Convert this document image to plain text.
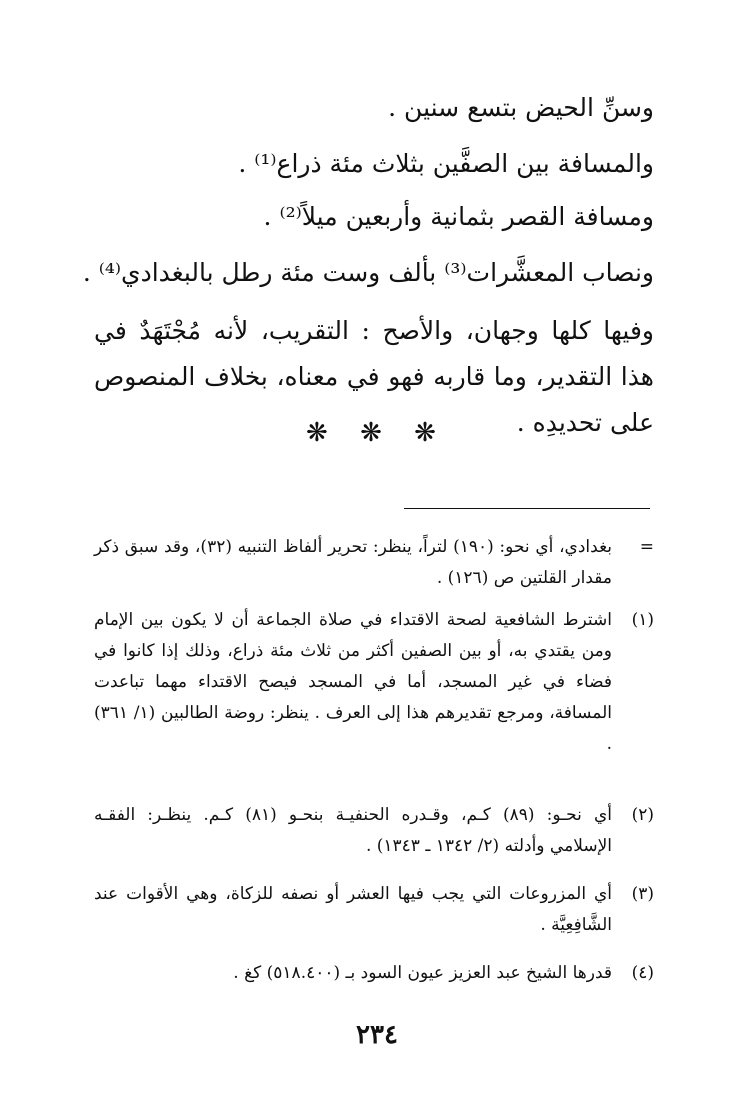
وسنِّ الحيض بتسع سنين .
والمسافة بين الصفَّين بثلاث مئة ذراع⁽¹⁾ .
ومسافة القصر بثمانية وأربعين ميلاً⁽²⁾ .
ونصاب المعشَّرات⁽³⁾ بألف وست مئة رطل بالبغدادي⁽⁴⁾ .
وفيها كلها وجهان، والأصح : التقريب، لأنه مُجْتَهَدٌ في هذا التقدير، وما قاربه فهو في معناه، بخلاف المنصوص على تحديدِه .
❋ ❋ ❋
=
بغدادي، أي نحو: (١٩٠) لتراً، ينظر: تحرير ألفاظ التنبيه (٣٢)، وقد سبق ذكر مقدار القلتين ص (١٢٦) .
(١)
اشترط الشافعية لصحة الاقتداء في صلاة الجماعة أن لا يكون بين الإمام ومن يقتدي به، أو بين الصفين أكثر من ثلاث مئة ذراع، وذلك إذا كانوا في فضاء في غير المسجد، أما في المسجد فيصح الاقتداء مهما تباعدت المسافة، ومرجع تقديرهم هذا إلى العرف . ينظر: روضة الطالبين (١/ ٣٦١) .
(٢)
أي نحـو: (٨٩) كـم، وقـدره الحنفيـة بنحـو (٨١) كـم. ينظـر: الفقـه الإسلامي وأدلته (٢/ ١٣٤٢ ـ ١٣٤٣) .
(٣)
أي المزروعات التي يجب فيها العشر أو نصفه للزكاة، وهي الأقوات عند الشَّافِعِيَّة .
(٤)
قدرها الشيخ عبد العزيز عيون السود بـ (٥١٨.٤٠٠) كغ .
٢٣٤
